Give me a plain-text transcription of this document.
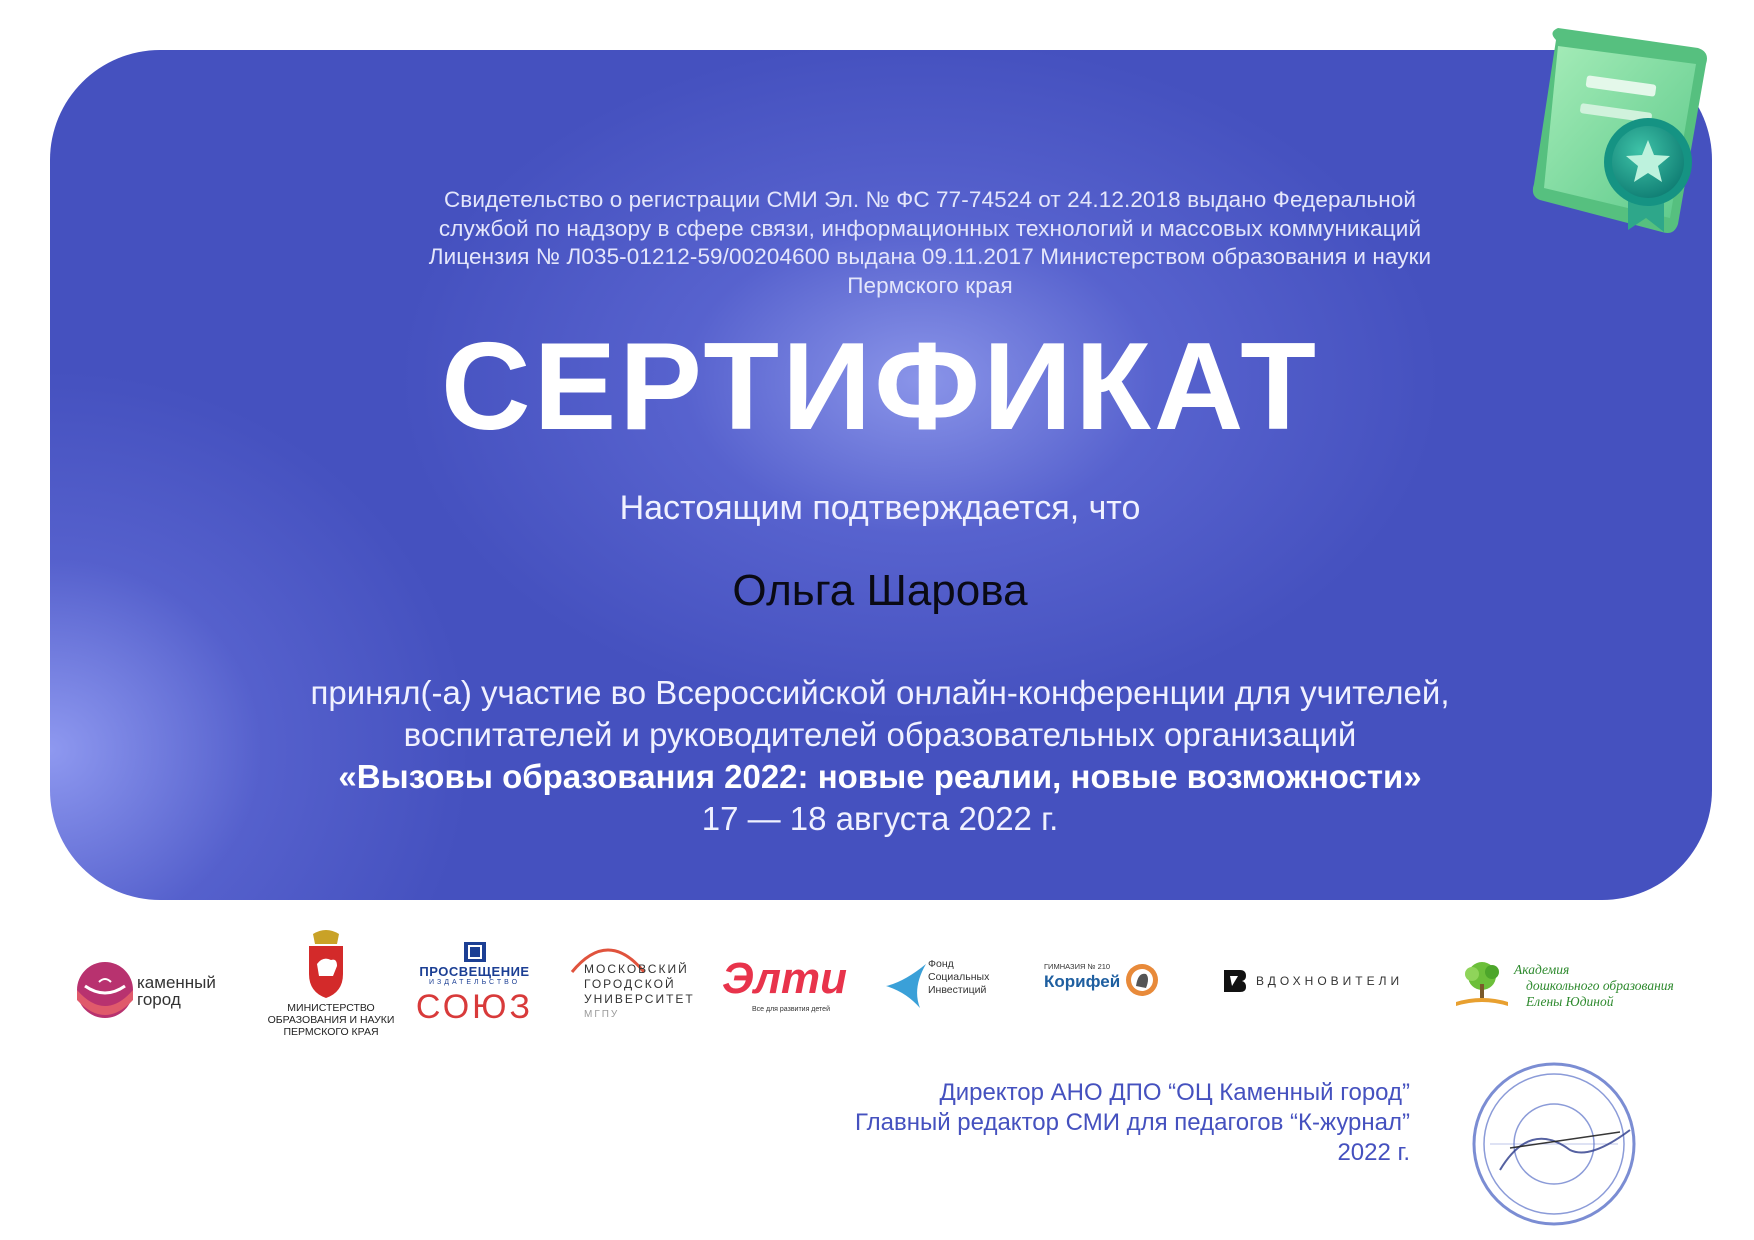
Свидетельство о регистрации СМИ Эл. № ФС 77-74524 от 24.12.2018 выдано Федеральной
службой по надзору в сфере связи, информационных технологий и массовых коммуникаций
Лицензия № Л035-01212-59/00204600 выдана 09.11.2017 Министерством образования и науки
Пермского края
СЕРТИФИКАТ
Настоящим подтверждается, что
Ольга Шарова
принял(-а) участие во Всероссийской онлайн-конференции для учителей,
воспитателей и руководителей образовательных организаций
«Вызовы образования 2022: новые реалии, новые возможности»
17 — 18 августа 2022 г.
каменный
город	МИНИСТЕРСТВО
ОБРАЗОВАНИЯ И НАУКИ
ПЕРМСКОГО КРАЯ
ПРОСВЕЩЕНИЕ
ИЗДАТЕЛЬСТВО
СОЮЗ
МОСКОВСКИЙ
ГОРОДСКОЙ
УНИВЕРСИТЕТ
МГПУ
Элти
Все для развития детей
Фонд
Социальных
Инвестиций
ГИМНАЗИЯ № 210
Корифей	ВДОХНОВИТЕЛИ
Академия
дошкольного образования
Елены Юдиной
Директор АНО ДПО “ОЦ Каменный город”
Главный редактор СМИ для педагогов “К-журнал”
2022 г.
